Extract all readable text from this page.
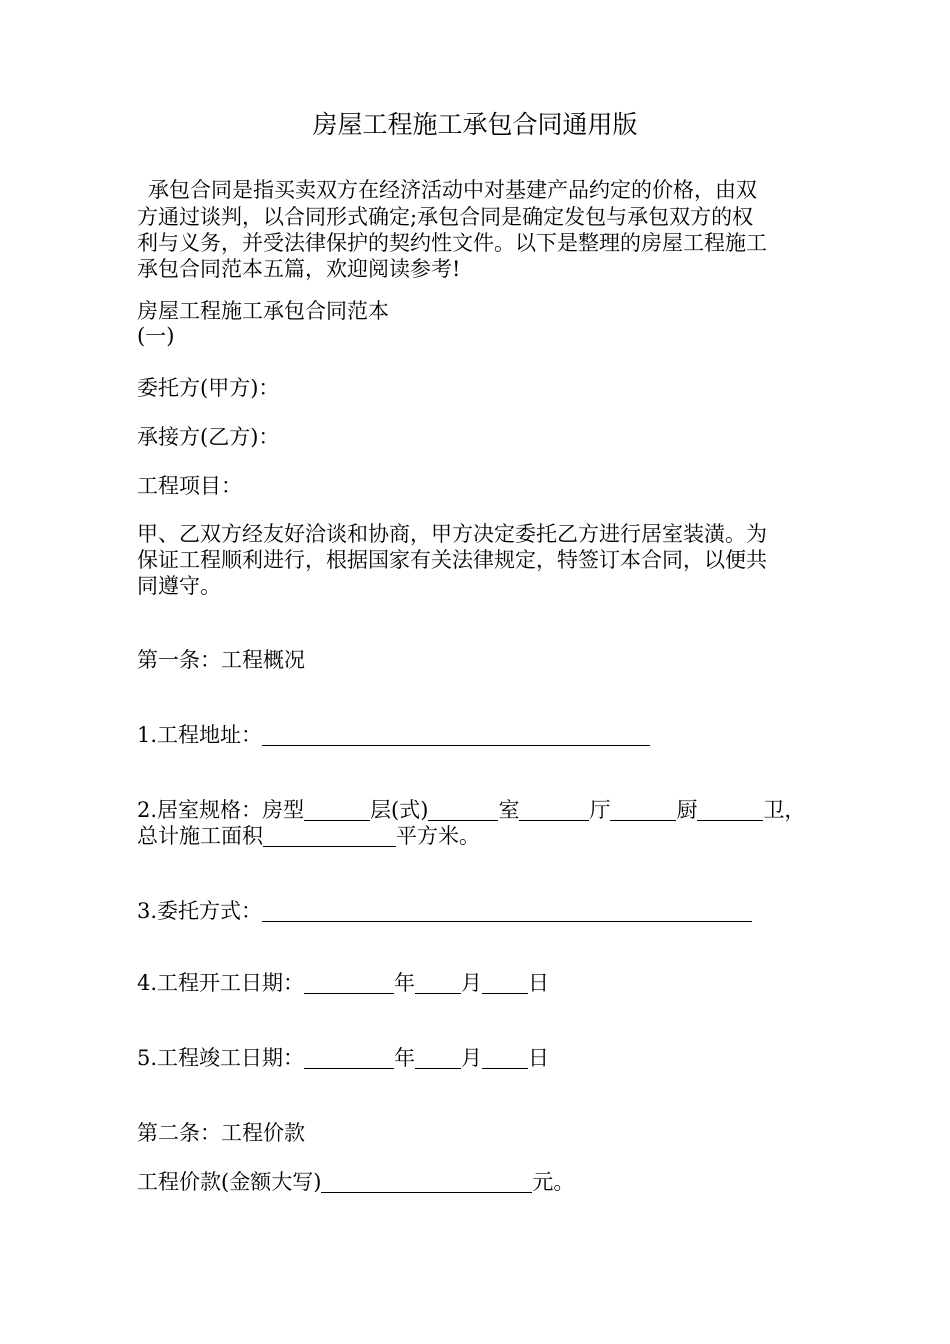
房屋工程施工承包合同通用版
承包合同是指买卖双方在经济活动中对基建产品约定的价格，由双
方通过谈判，以合同形式确定;承包合同是确定发包与承包双方的权
利与义务，并受法律保护的契约性文件。以下是整理的房屋工程施工
承包合同范本五篇，欢迎阅读参考!
房屋工程施工承包合同范本
(一)
委托方(甲方)：
承接方(乙方)：
工程项目：
甲、乙双方经友好洽谈和协商，甲方决定委托乙方进行居室装潢。为
保证工程顺利进行，根据国家有关法律规定，特签订本合同，以便共
同遵守。
第一条：工程概况
1.工程地址：
2.居室规格：房型	层(式)	室	厅	厨	卫，
总计施工面积	平方米。
3.委托方式：
4.工程开工日期：	年 月 日
5.工程竣工日期：	年 月 日
第二条：工程价款
工程价款(金额大写)	元。
